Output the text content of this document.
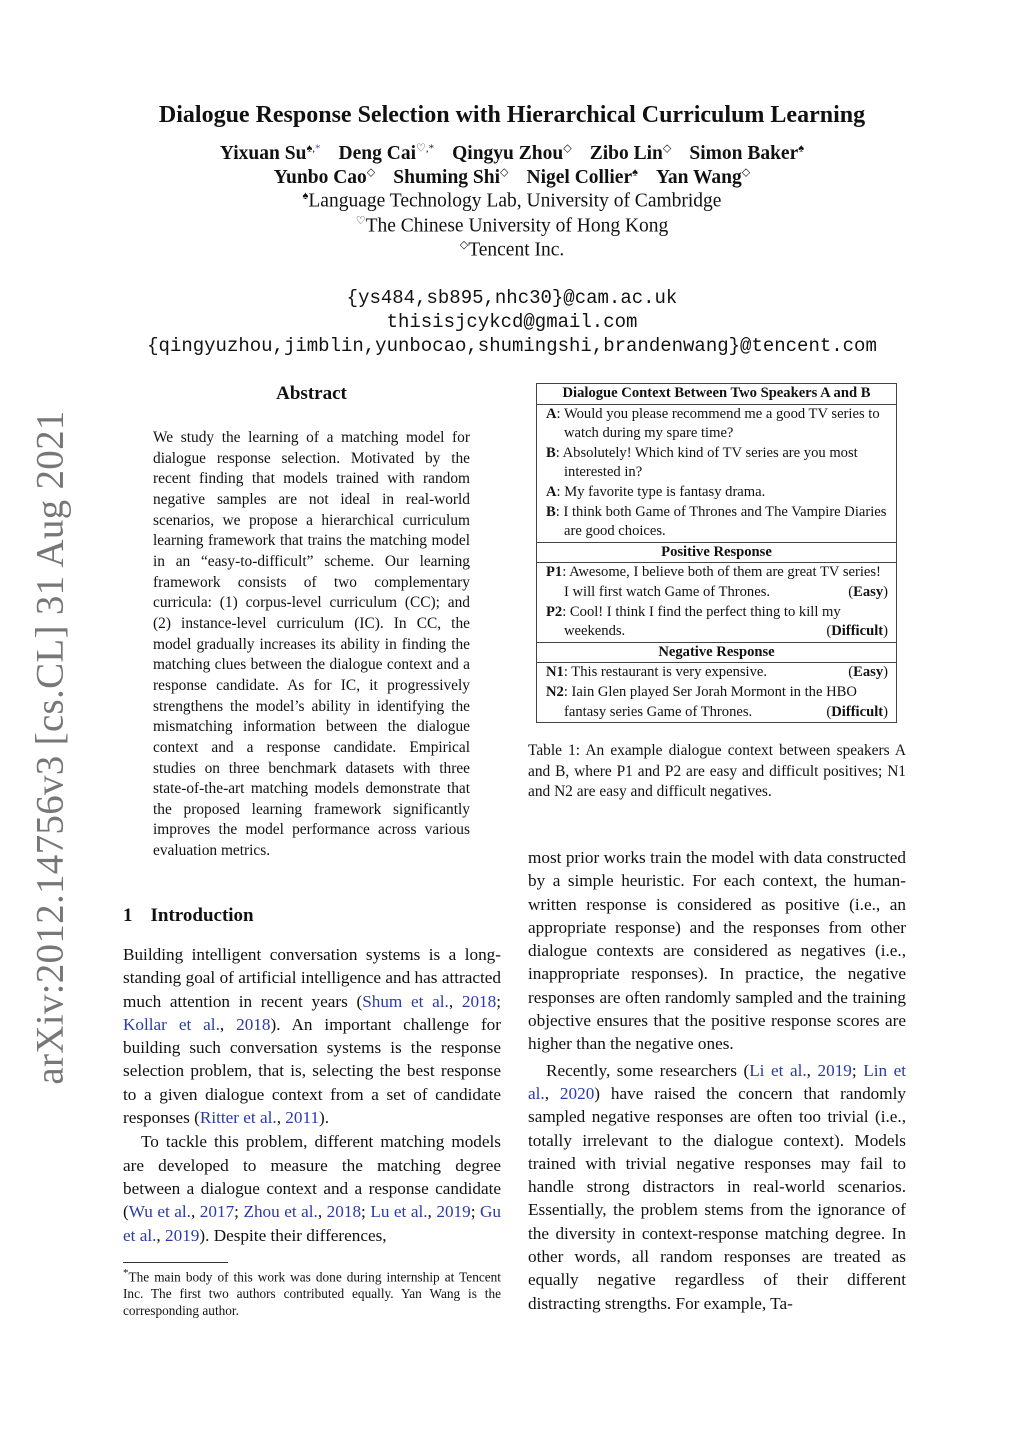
arXiv:2012.14756v3 [cs.CL] 31 Aug 2021
Dialogue Response Selection with Hierarchical Curriculum Learning
Yixuan Su♠,* Deng Cai♡,* Qingyu Zhou◇ Zibo Lin◇ Simon Baker♠
Yunbo Cao◇ Shuming Shi◇ Nigel Collier♠ Yan Wang◇
♠Language Technology Lab, University of Cambridge
♡The Chinese University of Hong Kong
◇Tencent Inc.
{ys484,sb895,nhc30}@cam.ac.uk
thisisjcykcd@gmail.com
{qingyuzhou,jimblin,yunbocao,shumingshi,brandenwang}@tencent.com
Abstract
We study the learning of a matching model for dialogue response selection. Motivated by the recent finding that models trained with random negative samples are not ideal in real-world scenarios, we propose a hierarchical curriculum learning framework that trains the matching model in an “easy-to-difficult” scheme. Our learning framework consists of two complementary curricula: (1) corpus-level curriculum (CC); and (2) instance-level curriculum (IC). In CC, the model gradually increases its ability in finding the matching clues between the dialogue context and a response candidate. As for IC, it progressively strengthens the model’s ability in identifying the mismatching information between the dialogue context and a response candidate. Empirical studies on three benchmark datasets with three state-of-the-art matching models demonstrate that the proposed learning framework significantly improves the model performance across various evaluation metrics.
1 Introduction

Building intelligent conversation systems is a long-standing goal of artificial intelligence and has attracted much attention in recent years (Shum et al., 2018; Kollar et al., 2018). An important challenge for building such conversation systems is the response selection problem, that is, selecting the best response to a given dialogue context from a set of candidate responses (Ritter et al., 2011).

To tackle this problem, different matching models are developed to measure the matching degree between a dialogue context and a response candidate (Wu et al., 2017; Zhou et al., 2018; Lu et al., 2019; Gu et al., 2019). Despite their differences,

*The main body of this work was done during internship at Tencent Inc. The first two authors contributed equally. Yan Wang is the corresponding author.
Dialogue Context Between Two Speakers A and B
A: Would you please recommend me a good TV series to watch during my spare time?
B: Absolutely! Which kind of TV series are you most interested in?
A: My favorite type is fantasy drama.
B: I think both Game of Thrones and The Vampire Diaries are good choices.
Positive Response
P1: Awesome, I believe both of them are great TV series! I will first watch Game of Thrones.	(Easy)
P2: Cool! I think I find the perfect thing to kill my weekends.	(Difficult)
Negative Response
N1: This restaurant is very expensive.	(Easy)
N2: Iain Glen played Ser Jorah Mormont in the HBO fantasy series Game of Thrones.	(Difficult)
Table 1: An example dialogue context between speakers A and B, where P1 and P2 are easy and difficult positives; N1 and N2 are easy and difficult negatives.

most prior works train the model with data constructed by a simple heuristic. For each context, the human-written response is considered as positive (i.e., an appropriate response) and the responses from other dialogue contexts are considered as negatives (i.e., inappropriate responses). In practice, the negative responses are often randomly sampled and the training objective ensures that the positive response scores are higher than the negative ones.

Recently, some researchers (Li et al., 2019; Lin et al., 2020) have raised the concern that randomly sampled negative responses are often too trivial (i.e., totally irrelevant to the dialogue context). Models trained with trivial negative responses may fail to handle strong distractors in real-world scenarios. Essentially, the problem stems from the ignorance of the diversity in context-response matching degree. In other words, all random responses are treated as equally negative regardless of their different distracting strengths. For example, Ta-
